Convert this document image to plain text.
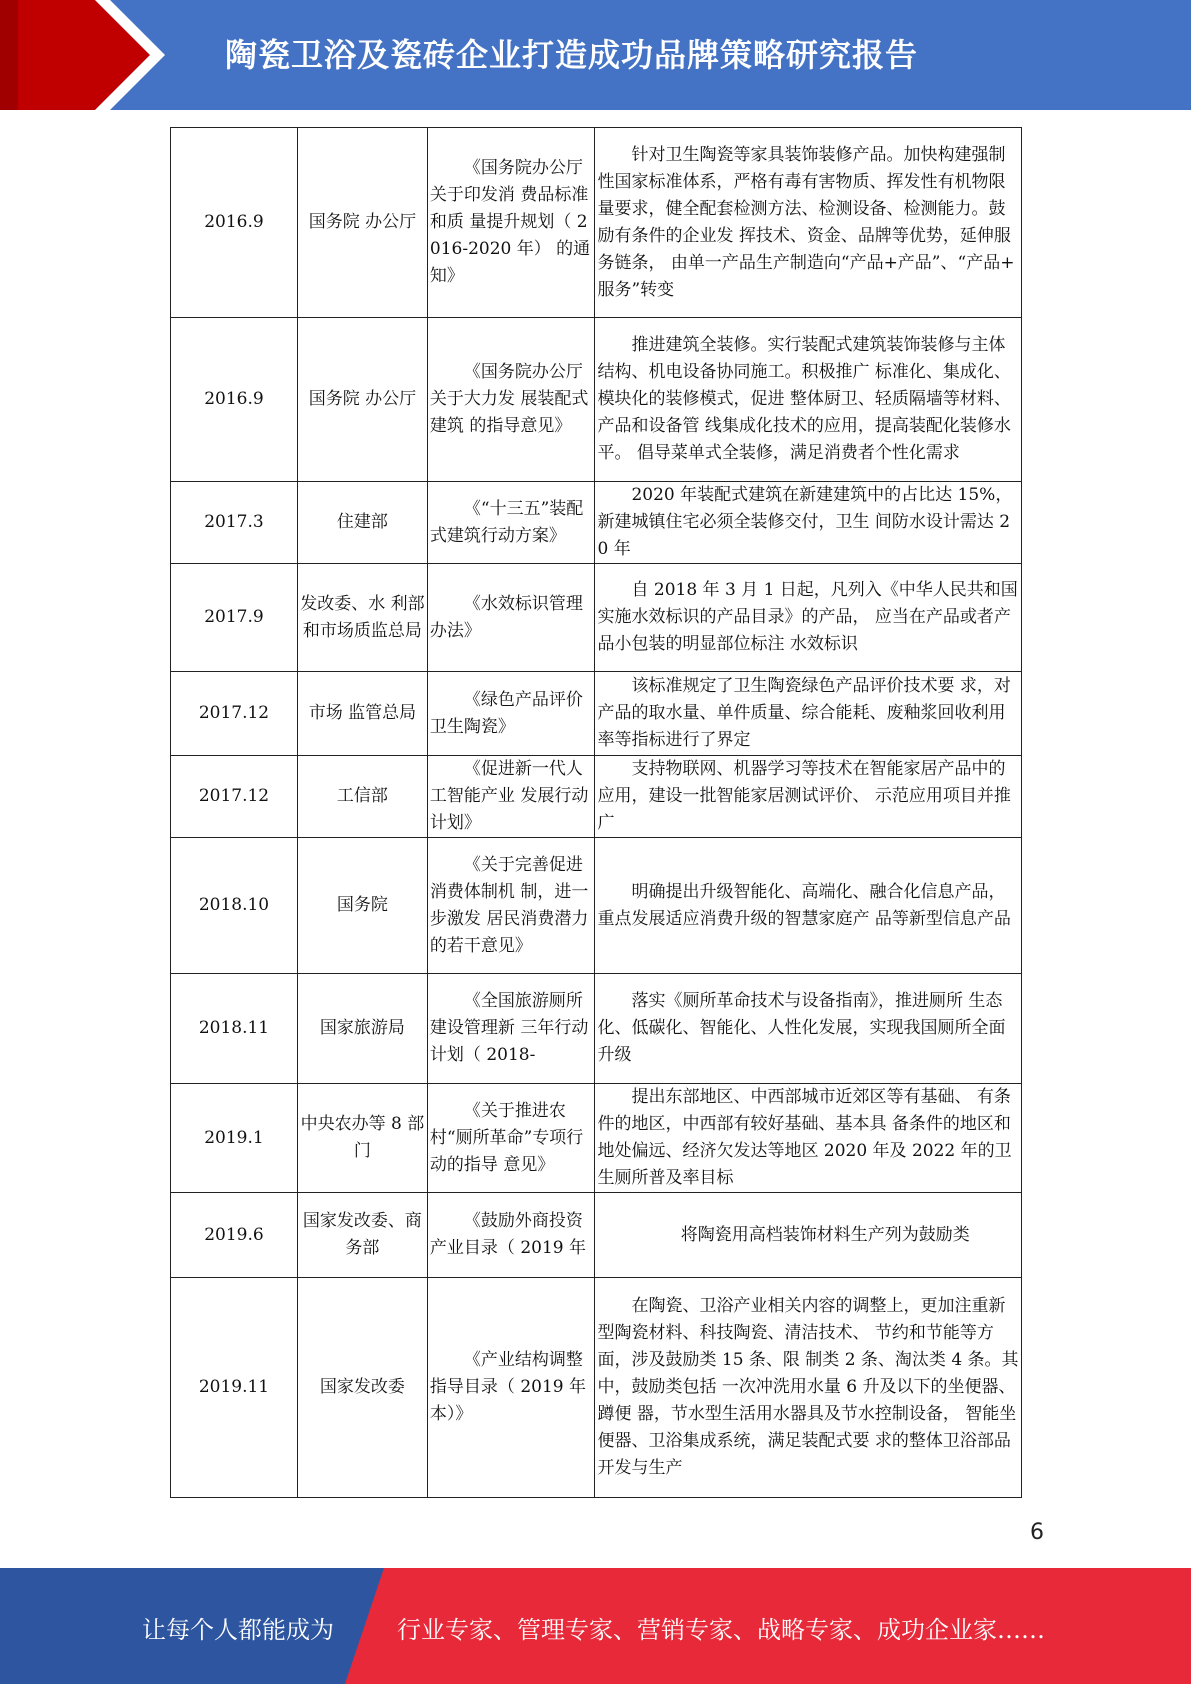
陶瓷卫浴及瓷砖企业打造成功品牌策略研究报告
2016.9	国务院 办公厅	《国务院办公厅关于印发消 费品标准和质 量提升规划（ 2016-2020 年） 的通知》	针对卫生陶瓷等家具装饰装修产品。加快构建强制性国家标准体系，严格有毒有害物质、挥发性有机物限量要求，健全配套检测方法、检测设备、检测能力。鼓励有条件的企业发 挥技术、资金、品牌等优势，延伸服务链条， 由单一产品生产制造向“产品+产品”、“产品+ 服务”转变
2016.9	国务院 办公厅	《国务院办公厅关于大力发 展装配式建筑 的指导意见》	推进建筑全装修。实行装配式建筑装饰装修与主体结构、机电设备协同施工。积极推广 标准化、集成化、模块化的装修模式，促进 整体厨卫、轻质隔墙等材料、产品和设备管 线集成化技术的应用，提高装配化装修水平。 倡导菜单式全装修，满足消费者个性化需求
2017.3	住建部	《“十三五”装配 式建筑行动方案》	2020 年装配式建筑在新建建筑中的占比达 15%，新建城镇住宅必须全装修交付，卫生 间防水设计需达 20 年
2017.9	发改委、水 利部和市场质监总局	《水效标识管理办法》	自 2018 年 3 月 1 日起，凡列入《中华人民共和国实施水效标识的产品目录》的产品， 应当在产品或者产品小包装的明显部位标注 水效标识
2017.12	市场 监管总局	《绿色产品评价卫生陶瓷》	该标准规定了卫生陶瓷绿色产品评价技术要 求，对产品的取水量、单件质量、综合能耗、废釉浆回收利用率等指标进行了界定
2017.12	工信部	《促进新一代人工智能产业 发展行动计划》	支持物联网、机器学习等技术在智能家居产品中的应用，建设一批智能家居测试评价、 示范应用项目并推广
2018.10	国务院	《关于完善促进消费体制机 制，进一步激发 居民消费潜力 的若干意见》	明确提出升级智能化、高端化、融合化信息产品，重点发展适应消费升级的智慧家庭产 品等新型信息产品
2018.11	国家旅游局	《全国旅游厕所建设管理新 三年行动计划（ 2018-	落实《厕所革命技术与设备指南》，推进厕所 生态化、低碳化、智能化、人性化发展，实现我国厕所全面升级
2019.1	中央农办等 8 部门	《关于推进农村“厕所革命”专项行动的指导 意见》	提出东部地区、中西部城市近郊区等有基础、 有条件的地区，中西部有较好基础、基本具 备条件的地区和地处偏远、经济欠发达等地区 2020 年及 2022 年的卫生厕所普及率目标
2019.6	国家发改委、商务部	《鼓励外商投资产业目录（ 2019 年	将陶瓷用高档装饰材料生产列为鼓励类
2019.11	国家发改委	《产业结构调整指导目录（ 2019 年本）》	在陶瓷、卫浴产业相关内容的调整上，更加注重新型陶瓷材料、科技陶瓷、清洁技术、 节约和节能等方面，涉及鼓励类 15 条、限 制类 2 条、淘汰类 4 条。其中，鼓励类包括 一次冲洗用水量 6 升及以下的坐便器、蹲便 器，节水型生活用水器具及节水控制设备， 智能坐便器、卫浴集成系统，满足装配式要 求的整体卫浴部品开发与生产
6
让每个人都能成为	行业专家、管理专家、营销专家、战略专家、成功企业家……
